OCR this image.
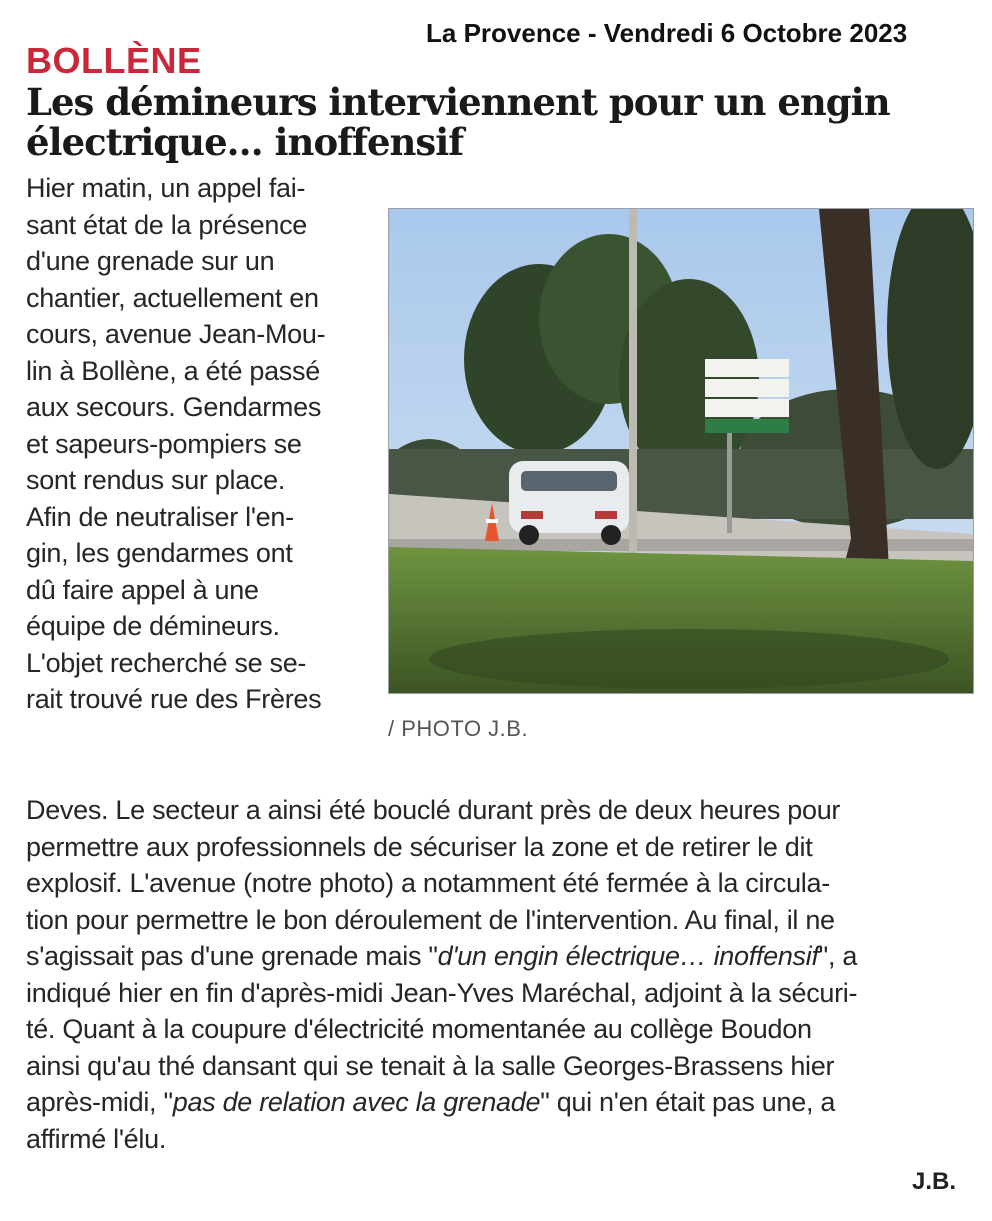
La Provence - Vendredi 6 Octobre 2023
BOLLÈNE
Les démineurs interviennent pour un engin
électrique… inoffensif
Hier matin, un appel fai-
sant état de la présence
d'une grenade sur un
chantier, actuellement en
cours, avenue Jean-Mou-
lin à Bollène, a été passé
aux secours. Gendarmes
et sapeurs-pompiers se
sont rendus sur place.
Afin de neutraliser l'en-
gin, les gendarmes ont
dû faire appel à une
équipe de démineurs.
L'objet recherché se se-
rait trouvé rue des Frères
/ PHOTO J.B.
Deves. Le secteur a ainsi été bouclé durant près de deux heures pour
permettre aux professionnels de sécuriser la zone et de retirer le dit
explosif. L'avenue (notre photo) a notamment été fermée à la circula-
tion pour permettre le bon déroulement de l'intervention. Au final, il ne
s'agissait pas d'une grenade mais "d'un engin électrique… inoffensif", a
indiqué hier en fin d'après-midi Jean-Yves Maréchal, adjoint à la sécuri-
té. Quant à la coupure d'électricité momentanée au collège Boudon
ainsi qu'au thé dansant qui se tenait à la salle Georges-Brassens hier
après-midi, "pas de relation avec la grenade" qui n'en était pas une, a
affirmé l'élu.
J.B.
